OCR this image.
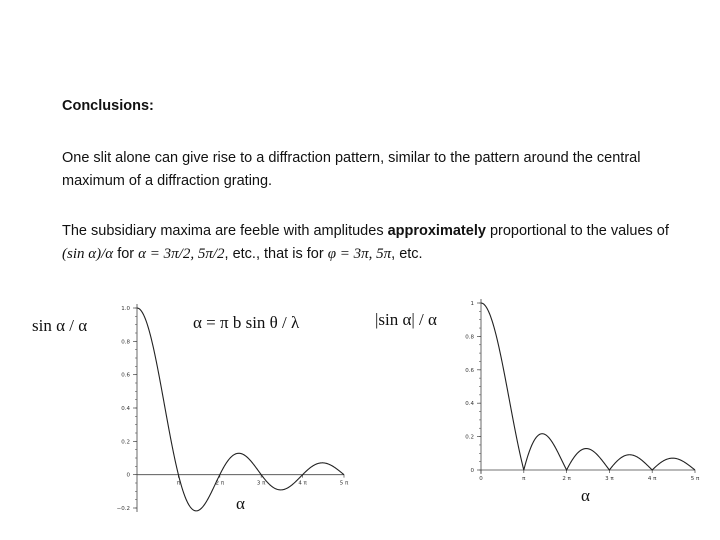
Conclusions:

One slit alone can give rise to a diffraction pattern, similar to the pattern around the central maximum of a diffraction grating.

The subsidiary maxima are feeble with amplitudes approximately proportional to the values of (sin α)/α for α = 3π/2, 5π/2, etc., that is for φ = 3π, 5π, etc.

sin α / α	α = π b sin θ / λ
α
|sin α| / α
α
1.0
0.8
0.6
0.4
0.2
0
−0.2
π	2 π	3 π	4 π	5 π
1
0.8
0.6
0.4
0.2
0
0	π	2 π	3 π	4 π	5 π
